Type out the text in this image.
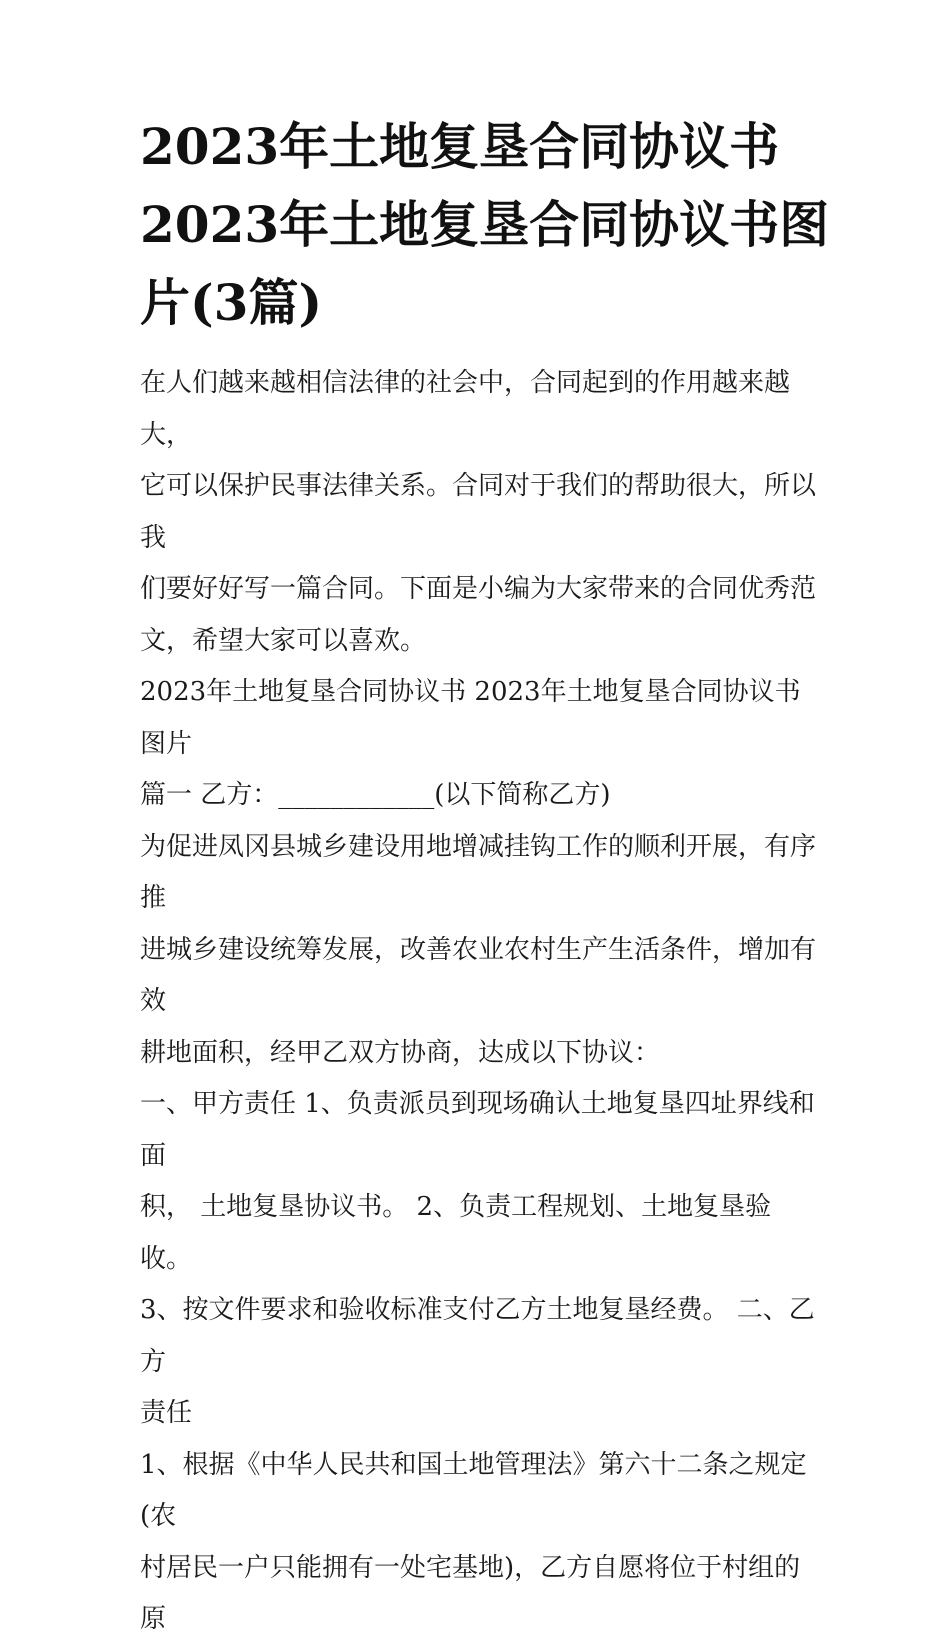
2023年土地复垦合同协议书
2023年土地复垦合同协议书图
片(3篇)

在人们越来越相信法律的社会中，合同起到的作用越来越大，
它可以保护民事法律关系。合同对于我们的帮助很大，所以我
们要好好写一篇合同。下面是小编为大家带来的合同优秀范
文，希望大家可以喜欢。

2023年土地复垦合同协议书 2023年土地复垦合同协议书图片

篇一 乙方：____________(以下简称乙方)

为促进凤冈县城乡建设用地增减挂钩工作的顺利开展，有序推
进城乡建设统筹发展，改善农业农村生产生活条件，增加有效
耕地面积，经甲乙双方协商，达成以下协议：

一、甲方责任 1、负责派员到现场确认土地复垦四址界线和面
积， 土地复垦协议书。 2、负责工程规划、土地复垦验收。
3、按文件要求和验收标准支付乙方土地复垦经费。 二、乙方
责任

1、根据《中华人民共和国土地管理法》第六十二条之规定(农
村居民一户只能拥有一处宅基地)，乙方自愿将位于村组的原
